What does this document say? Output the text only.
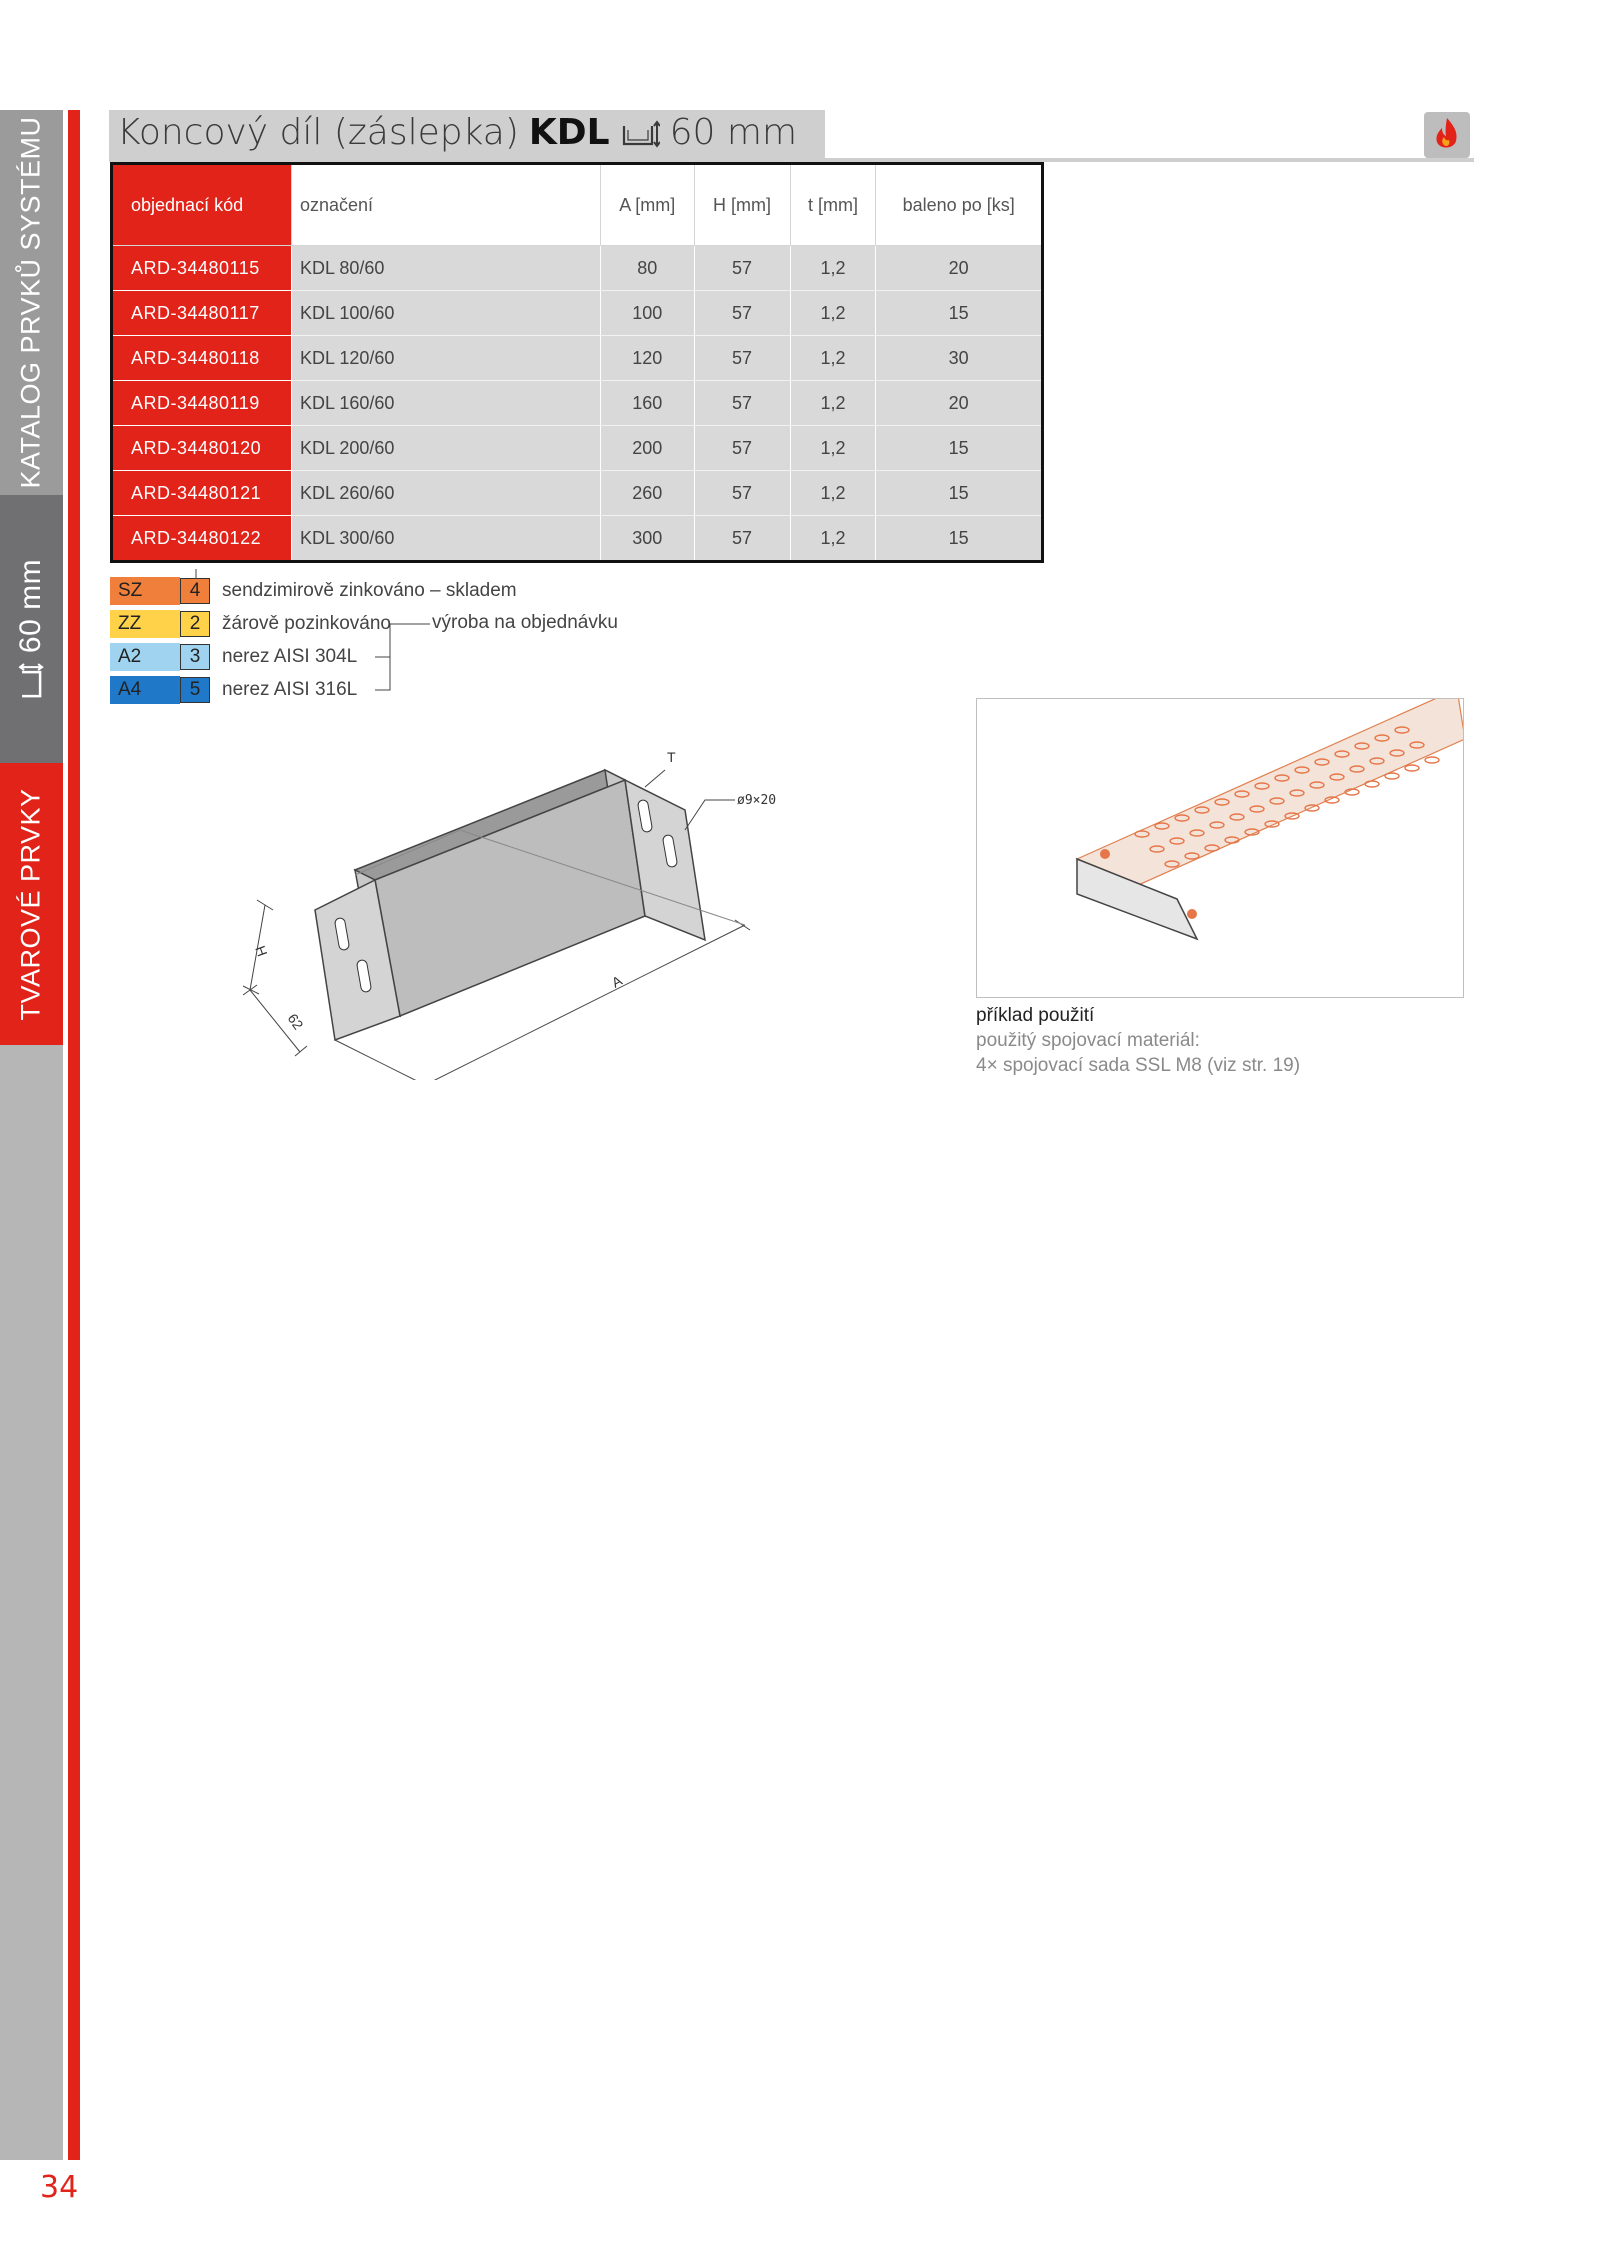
KATALOG PRVKŮ SYSTÉMU
60 mm
TVAROVÉ PRVKY
34
Koncový díl (záslepka) KDL 60 mm
objednací kód	označení	A [mm]	H [mm]	t [mm]	baleno po [ks]
ARD-34480115	KDL 80/60	80	57	1,2	20
ARD-34480117	KDL 100/60	100	57	1,2	15
ARD-34480118	KDL 120/60	120	57	1,2	30
ARD-34480119	KDL 160/60	160	57	1,2	20
ARD-34480120	KDL 200/60	200	57	1,2	15
ARD-34480121	KDL 260/60	260	57	1,2	15
ARD-34480122	KDL 300/60	300	57	1,2	15
SZ	4	sendzimirově zinkováno – skladem
ZZ	2	žárově pozinkováno
A2	3	nerez AISI 304L
A4	5	nerez AISI 316L
výroba na objednávku
T
ø9×20
H
62
A
příklad použití
použitý spojovací materiál:
4× spojovací sada SSL M8 (viz str. 19)
